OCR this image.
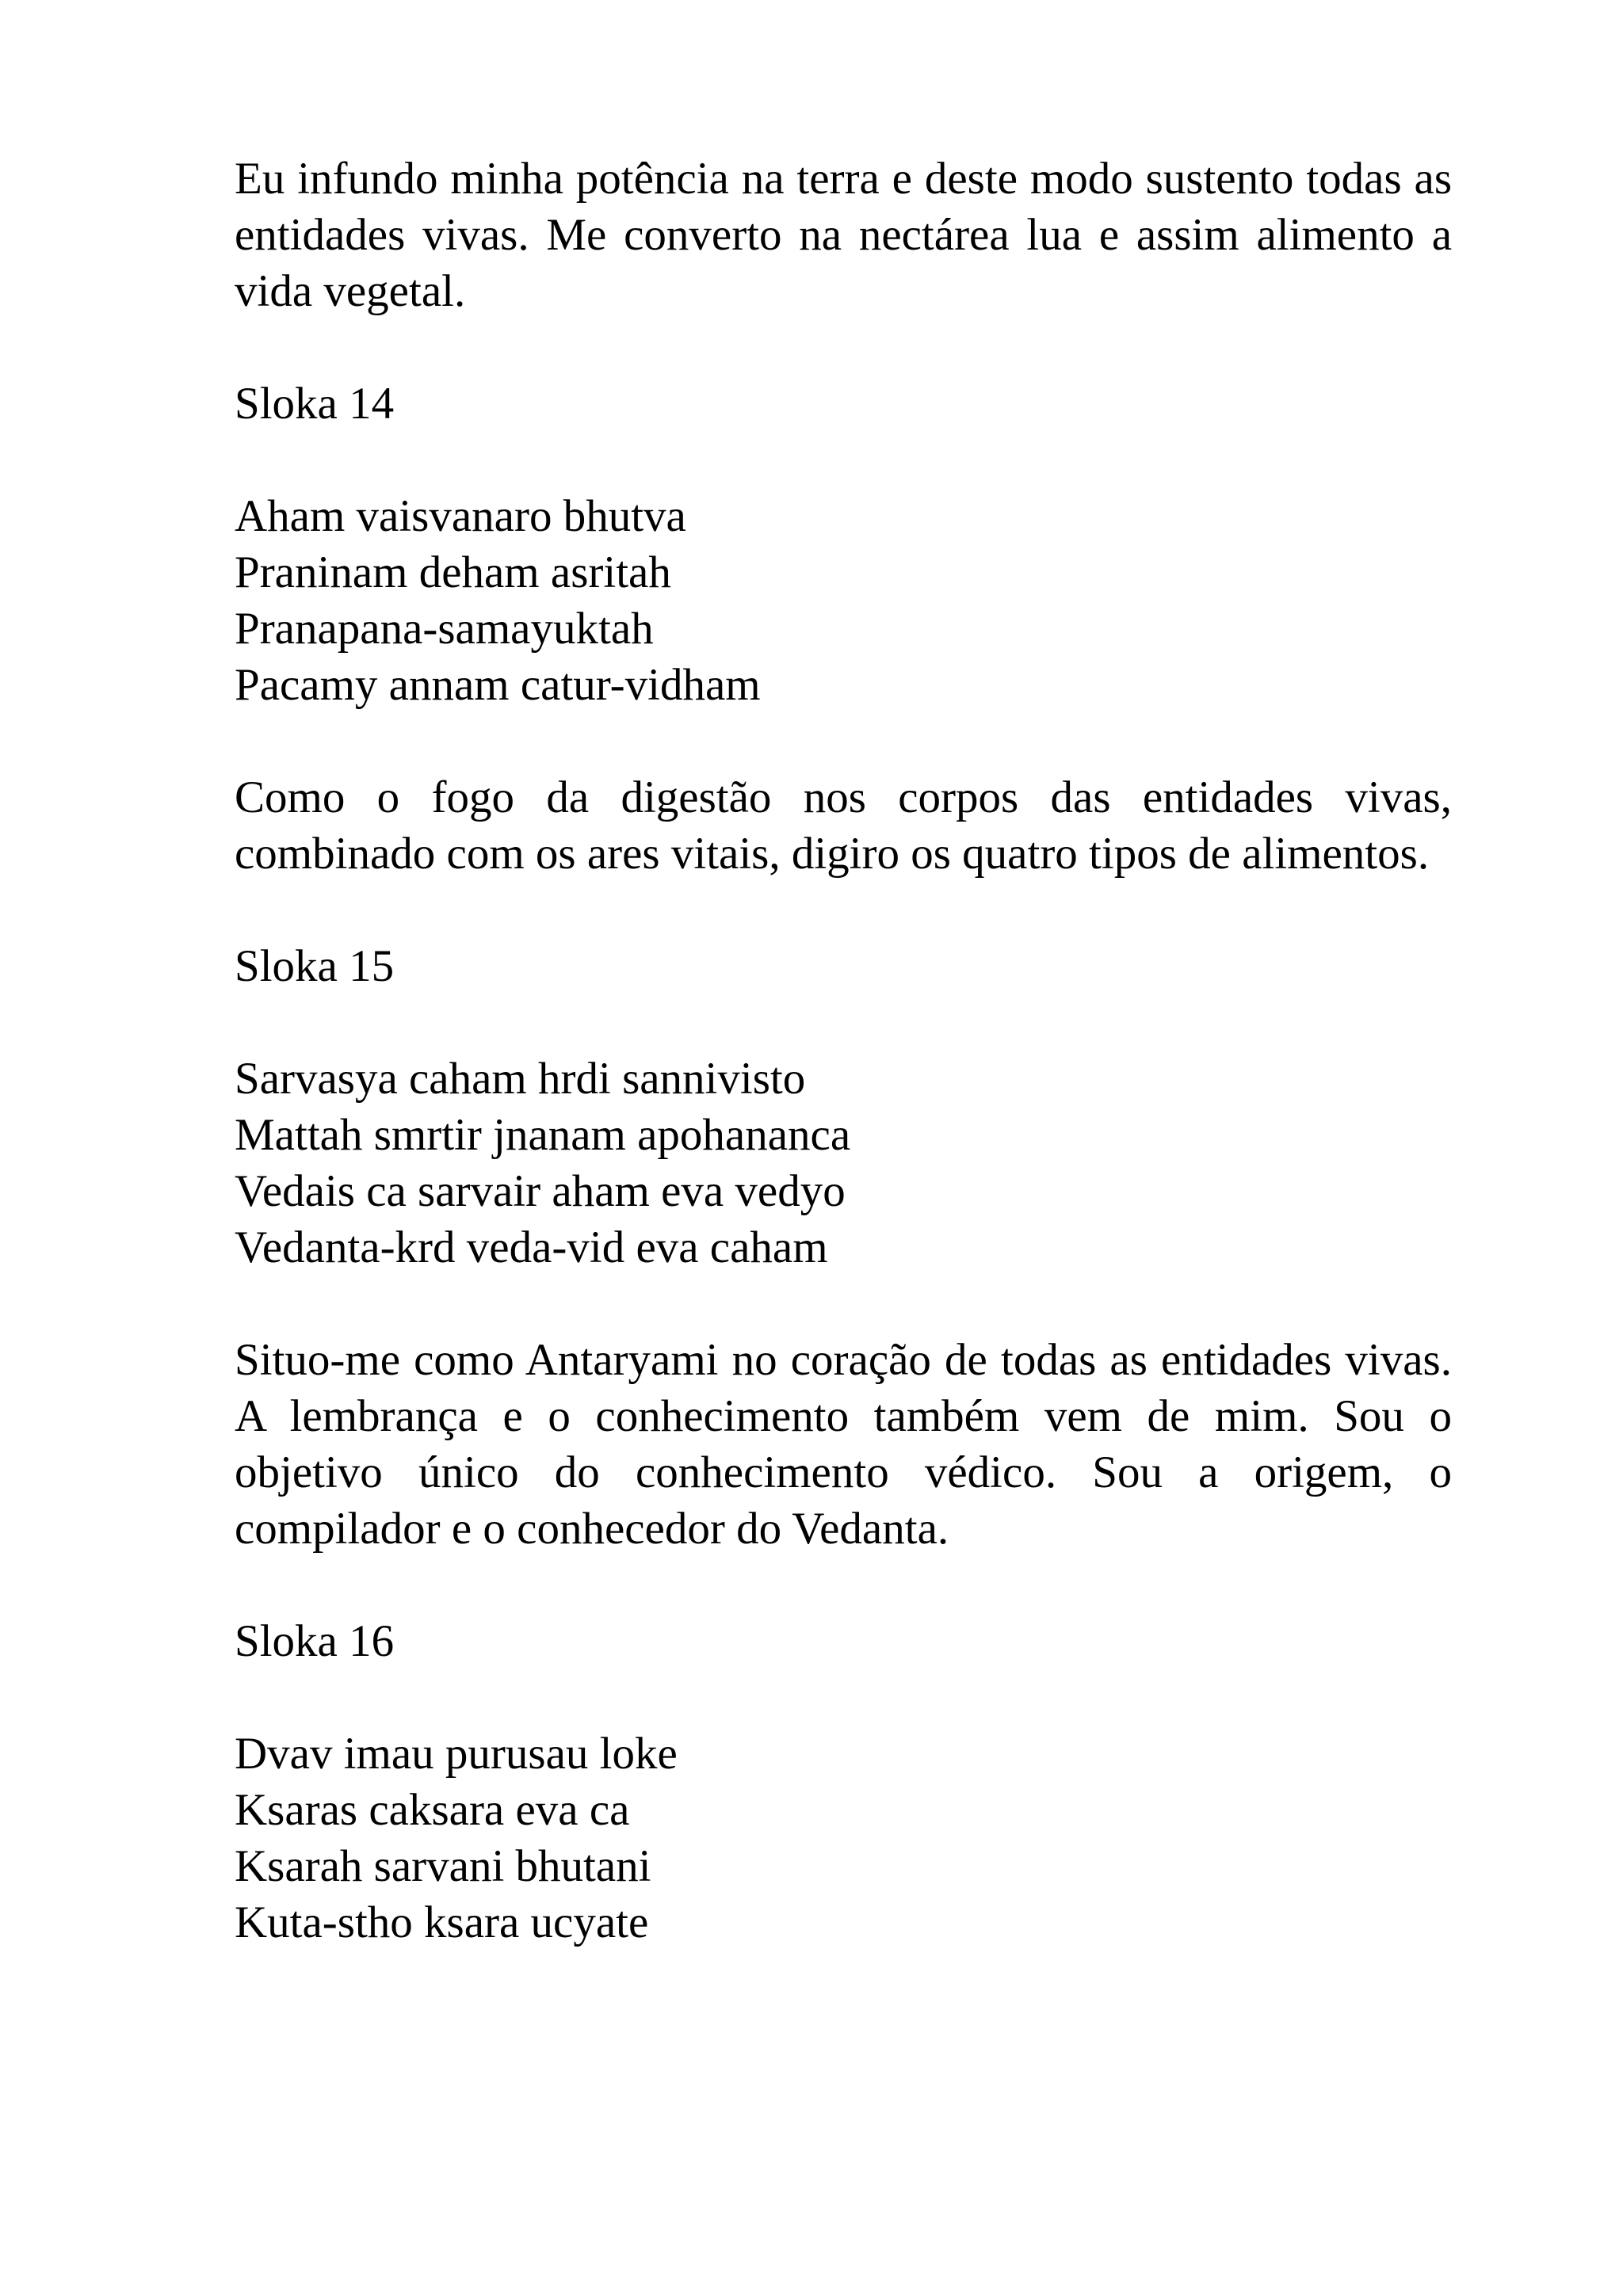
Eu infundo minha potência na terra e deste modo sustento todas as entidades vivas. Me converto na nectárea lua e assim alimento a vida vegetal.

Sloka 14

Aham vaisvanaro bhutva
Praninam deham asritah
Pranapana-samayuktah
Pacamy annam catur-vidham

Como o fogo da digestão nos corpos das entidades vivas, combinado com os ares vitais, digiro os quatro tipos de alimentos.

Sloka 15

Sarvasya caham hrdi sannivisto
Mattah smrtir jnanam apohananca
Vedais ca sarvair aham eva vedyo
Vedanta-krd veda-vid eva caham

Situo-me como Antaryami no coração de todas as entidades vivas. A lembrança e o conhecimento também vem de mim. Sou o objetivo único do conhecimento védico. Sou a origem, o compilador e o conhecedor do Vedanta.

Sloka 16

Dvav imau purusau loke
Ksaras caksara eva ca
Ksarah sarvani bhutani
Kuta-stho ksara ucyate
